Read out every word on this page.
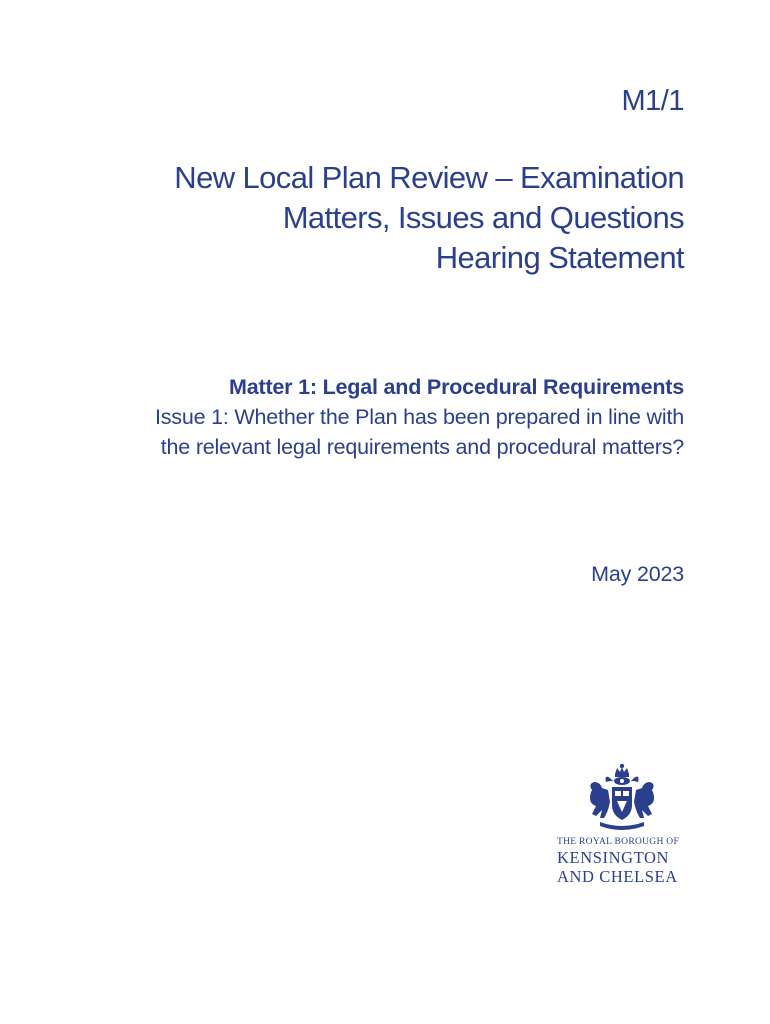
M1/1
New Local Plan Review – Examination
Matters, Issues and Questions
Hearing Statement
Matter 1: Legal and Procedural Requirements
Issue 1: Whether the Plan has been prepared in line with
the relevant legal requirements and procedural matters?
May 2023
THE ROYAL BOROUGH OF
KENSINGTON
AND CHELSEA
